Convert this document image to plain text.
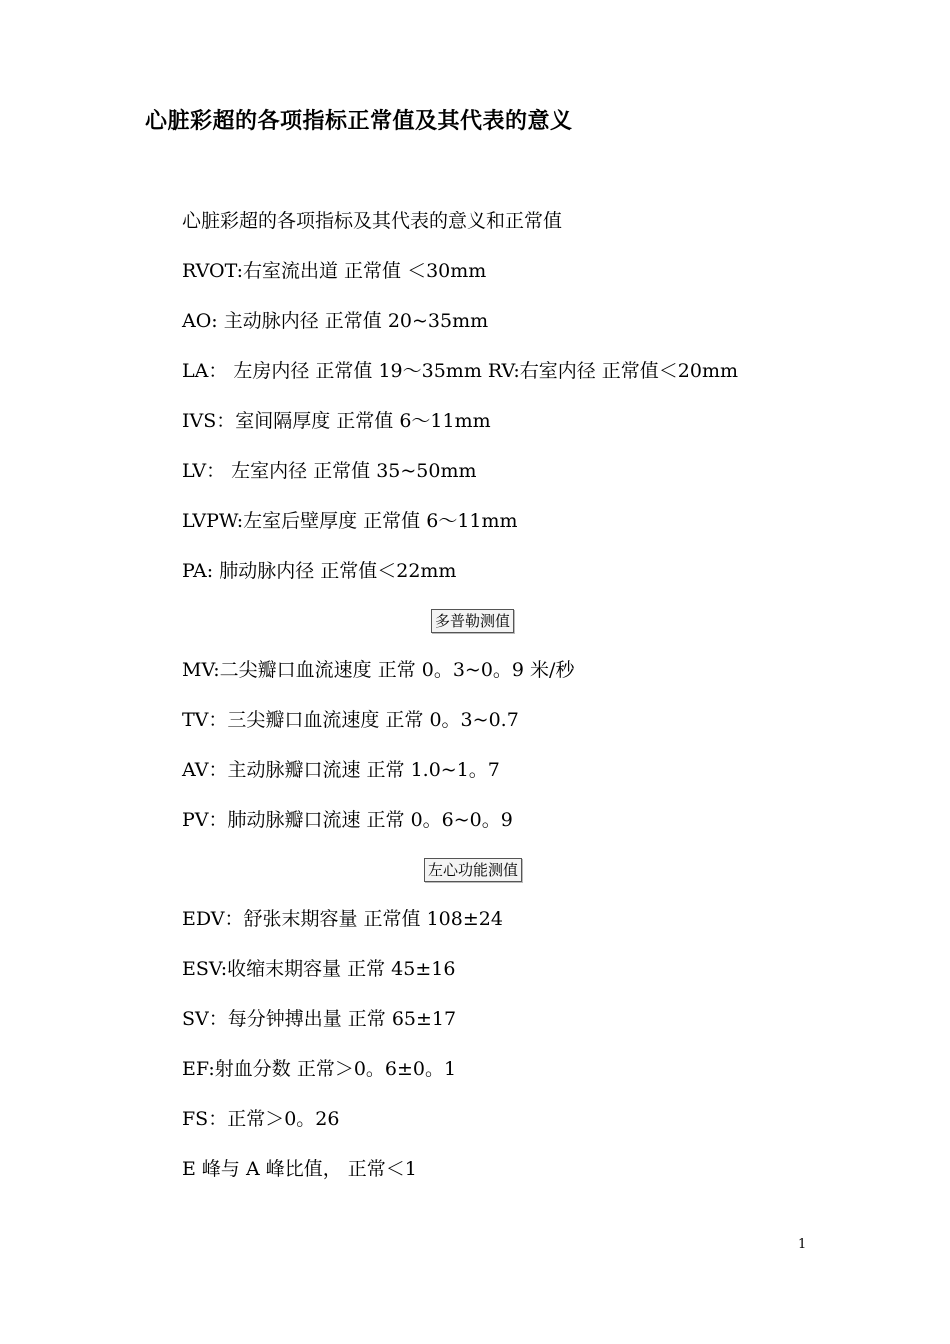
心脏彩超的各项指标正常值及其代表的意义

心脏彩超的各项指标及其代表的意义和正常值

RVOT:右室流出道 正常值 ＜30mm

AO: 主动脉内径 正常值 20~35mm

LA： 左房内径 正常值 19～35mm RV:右室内径 正常值＜20mm

IVS：室间隔厚度 正常值 6～11mm

LV： 左室内径 正常值 35~50mm

LVPW:左室后壁厚度 正常值 6～11mm

PA: 肺动脉内径 正常值＜22mm

多普勒测值

MV:二尖瓣口血流速度 正常 0。3~0。9 米/秒

TV：三尖瓣口血流速度 正常 0。3~0.7

AV：主动脉瓣口流速 正常 1.0~1。7

PV：肺动脉瓣口流速 正常 0。6~0。9

左心功能测值

EDV：舒张末期容量 正常值 108±24

ESV:收缩末期容量 正常 45±16

SV：每分钟搏出量 正常 65±17

EF:射血分数 正常＞0。6±0。1

FS：正常＞0。26

E 峰与 A 峰比值， 正常＜1

1
